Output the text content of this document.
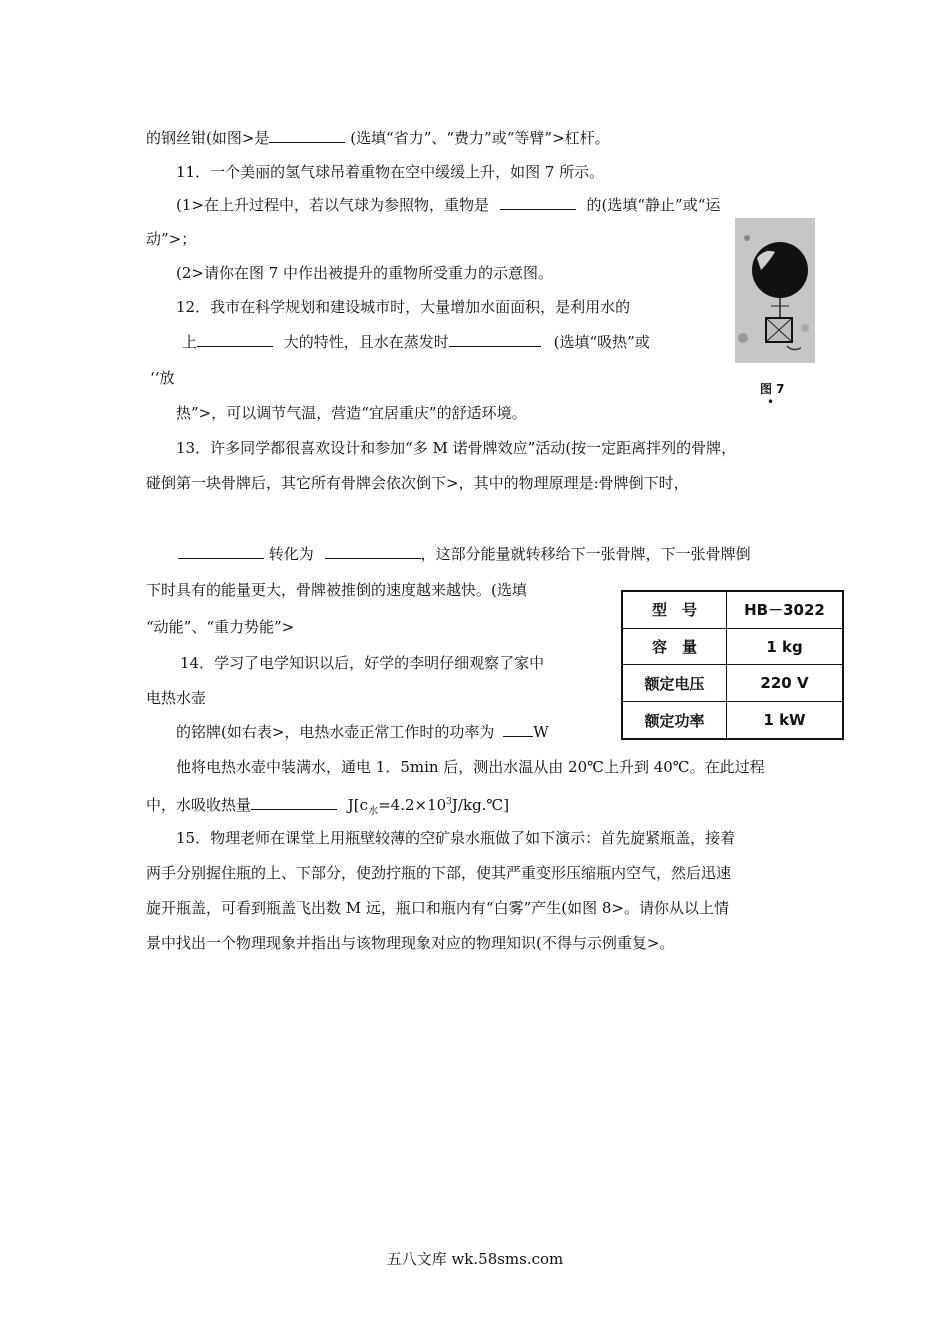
的钢丝钳(如图>是	(选填“省力”、“费力”或“等臂”>杠杆。
11．一个美丽的氢气球吊着重物在空中缓缓上升，如图 7 所示。
(1>在上升过程中，若以气球为参照物，重物是	的(选填“静止”或“运
动”>；
(2>请你在图 7 中作出被提升的重物所受重力的示意图。
12．我市在科学规划和建设城市时，大量增加水面面积，是利用水的
上	大的特性，且水在蒸发时	(选填“吸热”或
‘‘放
热”>，可以调节气温，营造“宜居重庆”的舒适环境。
图 7
•
13．许多同学都很喜欢设计和参加“多 M 诺骨牌效应”活动(按一定距离拌列的骨牌，
碰倒第一块骨牌后，其它所有骨牌会依次倒下>，其中的物理原理是:骨牌倒下时，
转化为	，这部分能量就转移给下一张骨牌，下一张骨牌倒
下时具有的能量更大，骨牌被推倒的速度越来越快。(选填
“动能”、“重力势能”>
型　号	HB－3022
容　量	1 kg
额定电压	220 V
额定功率	1 kW
14．学习了电学知识以后，好学的李明仔细观察了家中
电热水壶
的铭牌(如右表>，电热水壶正常工作时的功率为	W
他将电热水壶中装满水，通电 1．5min 后，测出水温从由 20℃上升到 40℃。在此过程
中，水吸收热量	$J[c_水=4.2\times 10^3J/kg.℃]$
15．物理老师在课堂上用瓶壁较薄的空矿泉水瓶做了如下演示：首先旋紧瓶盖，接着
两手分别握住瓶的上、下部分，使劲拧瓶的下部，使其严重变形压缩瓶内空气，然后迅速
旋开瓶盖，可看到瓶盖飞出数 M 远，瓶口和瓶内有“白雾”产生(如图 8>。请你从以上情
景中找出一个物理现象并指出与该物理现象对应的物理知识(不得与示例重复>。
五八文库 wk.58sms.com
